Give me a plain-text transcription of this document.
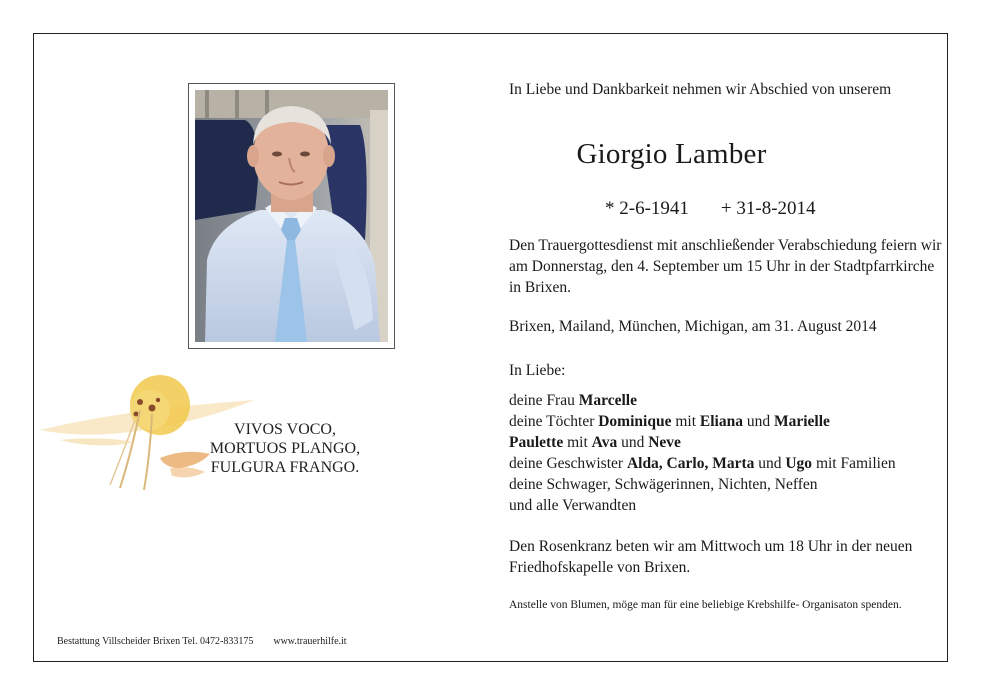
VIVOS VOCO,
MORTUOS PLANGO,
FULGURA FRANGO.
Bestattung Villscheider Brixen Tel. 0472-833175 www.trauerhilfe.it
In Liebe und Dankbarkeit nehmen wir Abschied von unserem
Giorgio Lamber
* 2-6-1941 + 31-8-2014
Den Trauergottesdienst mit anschließender Verabschiedung feiern wir am Donnerstag, den 4. September um 15 Uhr in der Stadtpfarrkirche in Brixen.
Brixen, Mailand, München, Michigan, am 31. August 2014
In Liebe:
deine Frau Marcelle
deine Töchter Dominique mit Eliana und Marielle
Paulette mit Ava und Neve
deine Geschwister Alda, Carlo, Marta und Ugo mit Familien
deine Schwager, Schwägerinnen, Nichten, Neffen
und alle Verwandten
Den Rosenkranz beten wir am Mittwoch um 18 Uhr in der neuen Friedhofskapelle von Brixen.
Anstelle von Blumen, möge man für eine beliebige Krebshilfe- Organisaton spenden.
